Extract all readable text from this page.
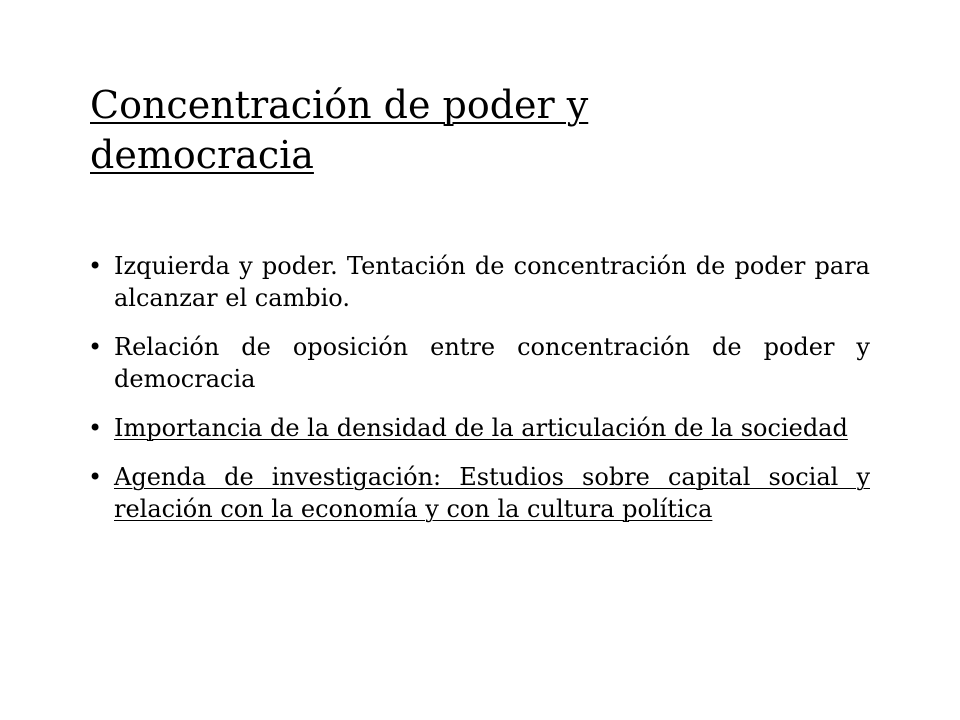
Concentración de poder y democracia
• Izquierda y poder. Tentación de concentración de poder para alcanzar el cambio.
• Relación de oposición entre concentración de poder y democracia
• Importancia de la densidad de la articulación de la sociedad
• Agenda de investigación: Estudios sobre capital social y relación con la economía y con la cultura política
